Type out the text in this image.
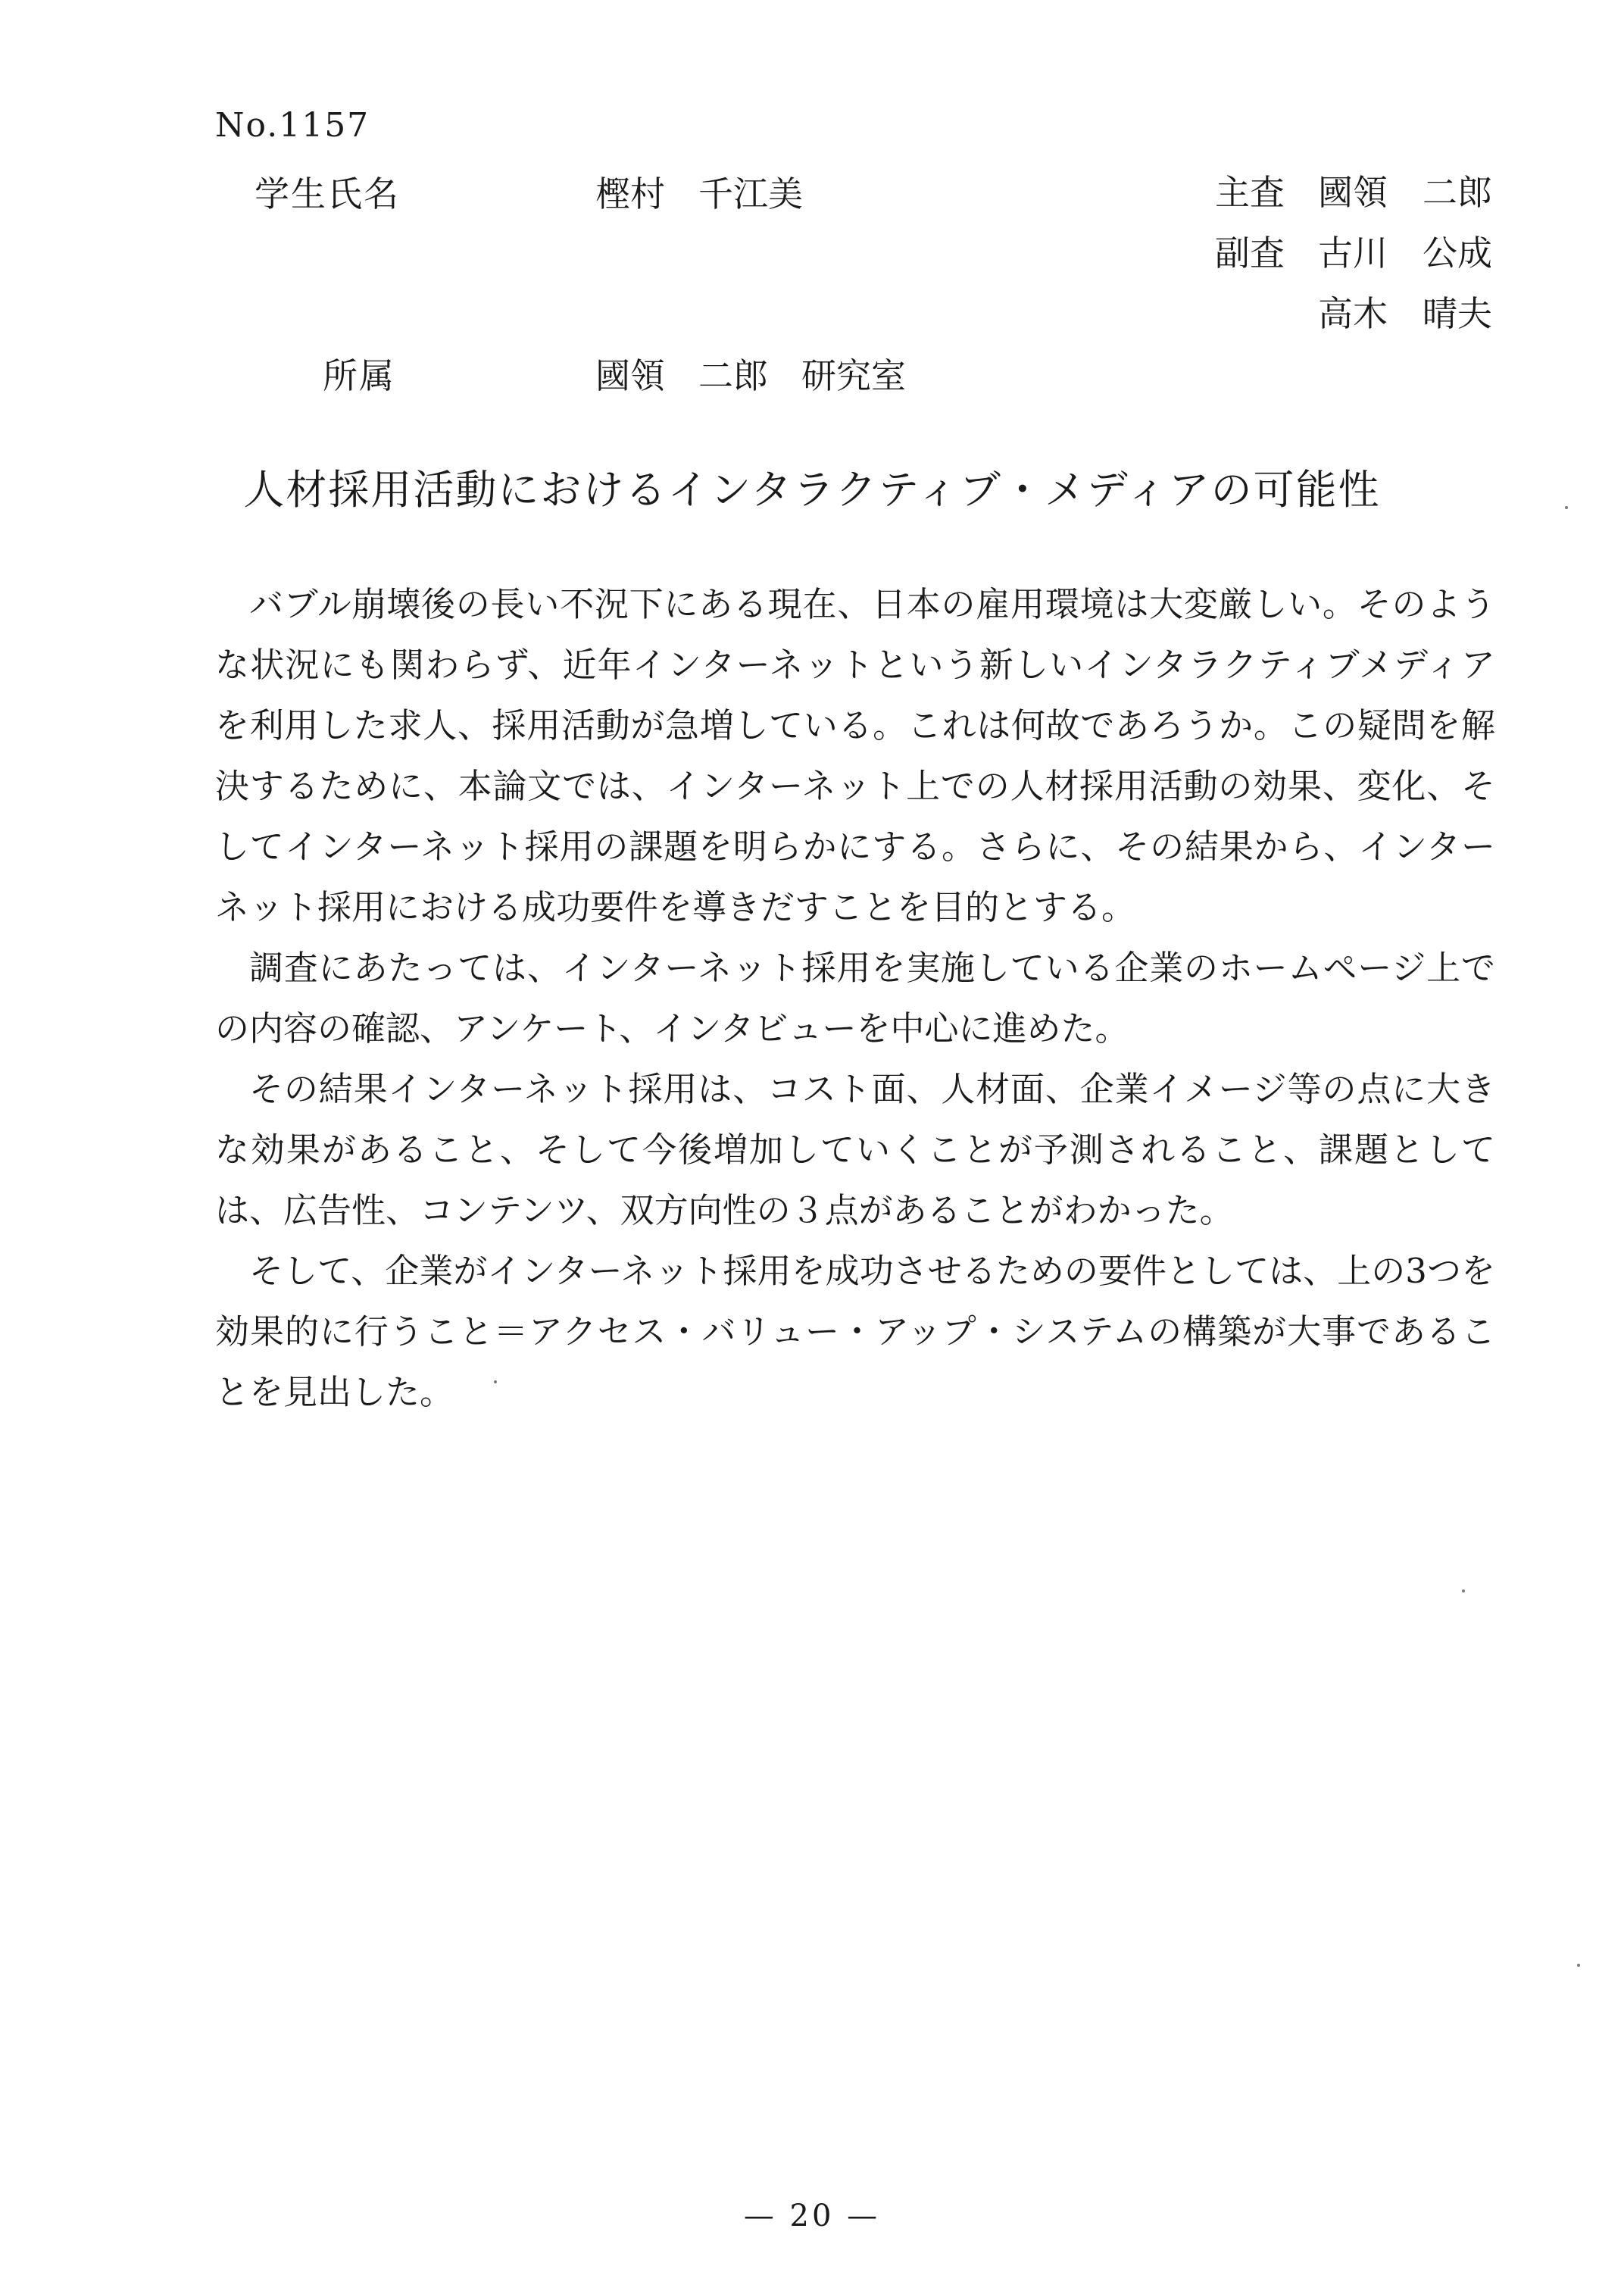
No.1157
学生氏名	樫村 千江美	主査 國領 二郎
副査 古川 公成
高木 晴夫
所属	國領 二郎 研究室
人材採用活動におけるインタラクティブ・メディアの可能性

バブル崩壊後の長い不況下にある現在、日本の雇用環境は大変厳しい。そのような状況にも関わらず、近年インターネットという新しいインタラクティブメディアを利用した求人、採用活動が急増している。これは何故であろうか。この疑問を解決するために、本論文では、インターネット上での人材採用活動の効果、変化、そしてインターネット採用の課題を明らかにする。さらに、その結果から、インターネット採用における成功要件を導きだすことを目的とする。

調査にあたっては、インターネット採用を実施している企業のホームページ上での内容の確認、アンケート、インタビューを中心に進めた。

その結果インターネット採用は、コスト面、人材面、企業イメージ等の点に大きな効果があること、そして今後増加していくことが予測されること、課題としては、広告性、コンテンツ、双方向性の３点があることがわかった。

そして、企業がインターネット採用を成功させるための要件としては、上の3つを効果的に行うこと＝アクセス・バリュー・アップ・システムの構築が大事であることを見出した。

— 20 —
